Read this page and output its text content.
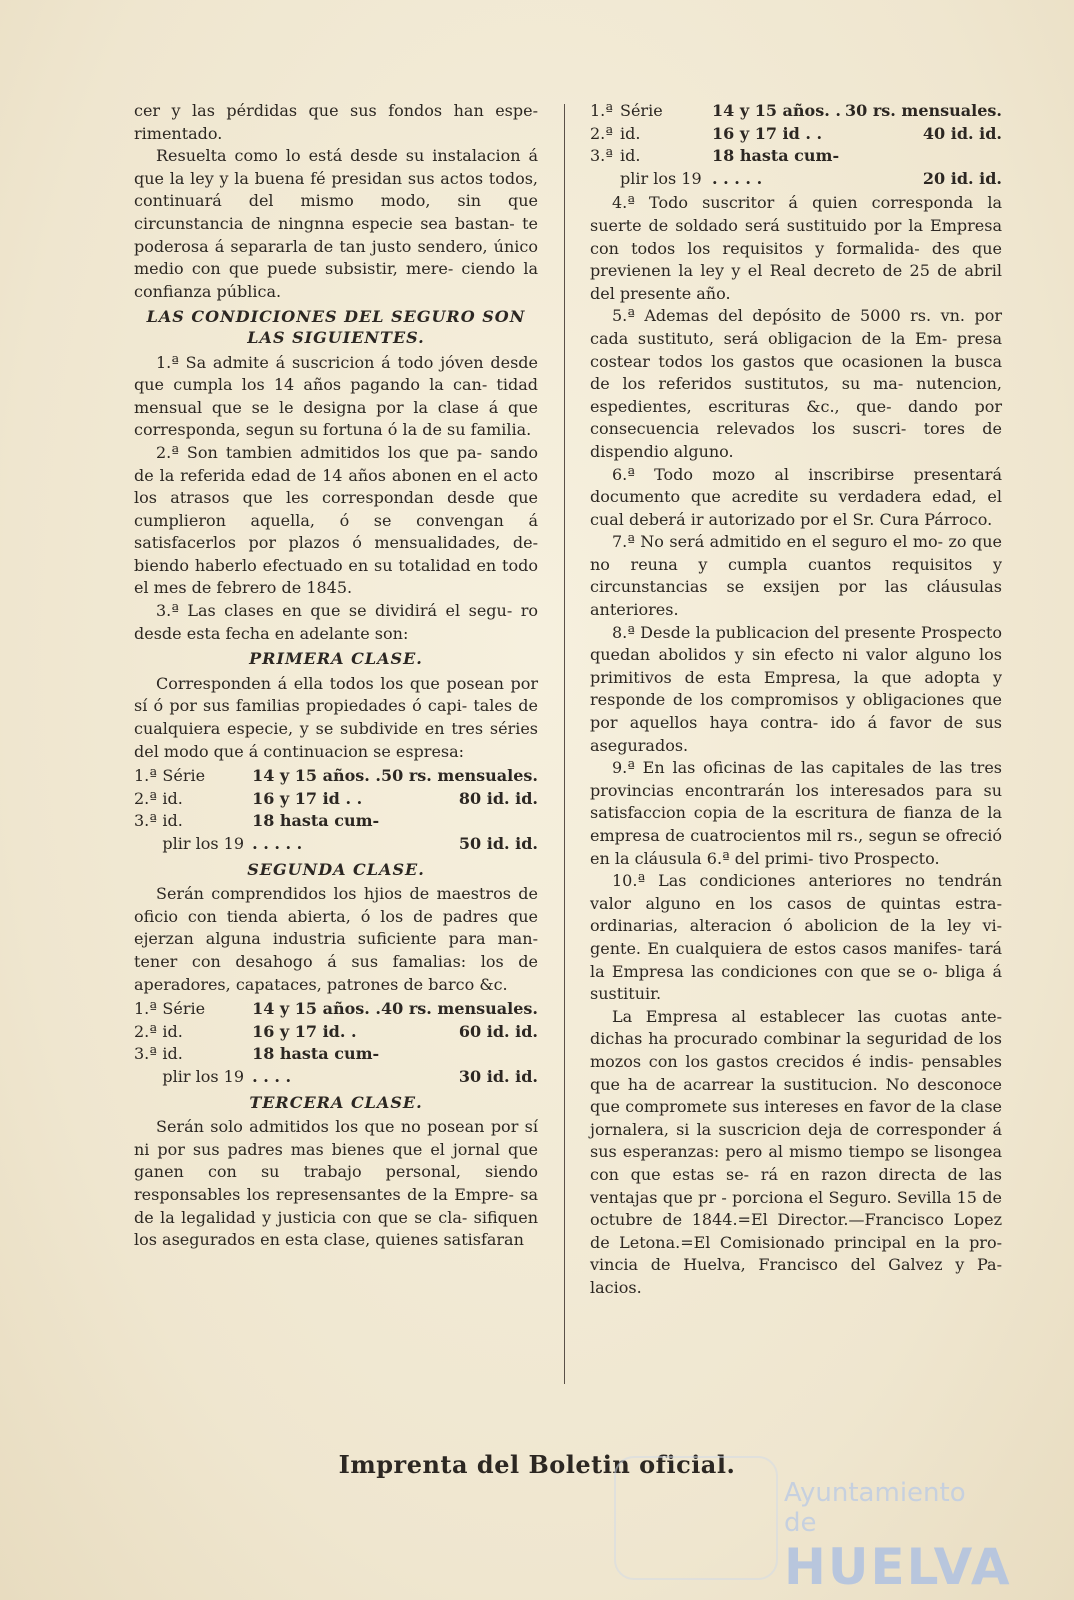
cer y las pérdidas que sus fondos han espe- rimentado.

Resuelta como lo está desde su instalacion á que la ley y la buena fé presidan sus actos todos, continuará del mismo modo, sin que circunstancia de ningnna especie sea bastan- te poderosa á separarla de tan justo sendero, único medio con que puede subsistir, mere- ciendo la confianza pública.

LAS CONDICIONES DEL SEGURO SON

LAS SIGUIENTES.

1.ª Sa admite á suscricion á todo jóven desde que cumpla los 14 años pagando la can- tidad mensual que se le designa por la clase á que corresponda, segun su fortuna ó la de su familia.

2.ª Son tambien admitidos los que pa- sando de la referida edad de 14 años abonen en el acto los atrasos que les correspondan desde que cumplieron aquella, ó se convengan á satisfacerlos por plazos ó mensualidades, de- biendo haberlo efectuado en su totalidad en todo el mes de febrero de 1845.

3.ª Las clases en que se dividirá el segu- ro desde esta fecha en adelante son:

PRIMERA CLASE.

Corresponden á ella todos los que posean por sí ó por sus familias propiedades ó capi- tales de cualquiera especie, y se subdivide en tres séries del modo que á continuacion se espresa:

1.ª	Série	14 y 15 años. .	50 rs. mensuales.
2.ª	id.	16 y 17 id . .	80 id. id.
3.ª	id.	18 hasta cum-	
	plir los 19	. . . . .	50 id. id.

SEGUNDA CLASE.

Serán comprendidos los hjios de maestros de oficio con tienda abierta, ó los de padres que ejerzan alguna industria suficiente para man- tener con desahogo á sus famalias: los de aperadores, capataces, patrones de barco &c.

1.ª	Série	14 y 15 años. .	40 rs. mensuales.
2.ª	id.	16 y 17 id. .	60 id. id.
3.ª	id.	18 hasta cum-	
	plir los 19	. . . .	30 id. id.

TERCERA CLASE.

Serán solo admitidos los que no posean por sí ni por sus padres mas bienes que el jornal que ganen con su trabajo personal, siendo responsables los represensantes de la Empre- sa de la legalidad y justicia con que se cla- sifiquen los asegurados en esta clase, quienes satisfaran

1.ª	Série	14 y 15 años. .	30 rs. mensuales.
2.ª	id.	16 y 17 id . .	40 id. id.
3.ª	id.	18 hasta cum-	
	plir los 19	. . . . .	20 id. id.

4.ª Todo suscritor á quien corresponda la suerte de soldado será sustituido por la Empresa con todos los requisitos y formalida- des que previenen la ley y el Real decreto de 25 de abril del presente año.

5.ª Ademas del depósito de 5000 rs. vn. por cada sustituto, será obligacion de la Em- presa costear todos los gastos que ocasionen la busca de los referidos sustitutos, su ma- nutencion, espedientes, escrituras &c., que- dando por consecuencia relevados los suscri- tores de dispendio alguno.

6.ª Todo mozo al inscribirse presentará documento que acredite su verdadera edad, el cual deberá ir autorizado por el Sr. Cura Párroco.

7.ª No será admitido en el seguro el mo- zo que no reuna y cumpla cuantos requisitos y circunstancias se exsijen por las cláusulas anteriores.

8.ª Desde la publicacion del presente Prospecto quedan abolidos y sin efecto ni valor alguno los primitivos de esta Empresa, la que adopta y responde de los compromisos y obligaciones que por aquellos haya contra- ido á favor de sus asegurados.

9.ª En las oficinas de las capitales de las tres provincias encontrarán los interesados para su satisfaccion copia de la escritura de fianza de la empresa de cuatrocientos mil rs., segun se ofreció en la cláusula 6.ª del primi- tivo Prospecto.

10.ª Las condiciones anteriores no tendrán valor alguno en los casos de quintas estra- ordinarias, alteracion ó abolicion de la ley vi- gente. En cualquiera de estos casos manifes- tará la Empresa las condiciones con que se o- bliga á sustituir.

La Empresa al establecer las cuotas ante- dichas ha procurado combinar la seguridad de los mozos con los gastos crecidos é indis- pensables que ha de acarrear la sustitucion. No desconoce que compromete sus intereses en favor de la clase jornalera, si la suscricion deja de corresponder á sus esperanzas: pero al mismo tiempo se lisongea con que estas se- rá en razon directa de las ventajas que pr - porciona el Seguro. Sevilla 15 de octubre de 1844.=El Director.—Francisco Lopez de Letona.=El Comisionado principal en la pro- vincia de Huelva, Francisco del Galvez y Pa- lacios.

Imprenta del Boletin oficial.
Ayuntamiento de
HUELVA
